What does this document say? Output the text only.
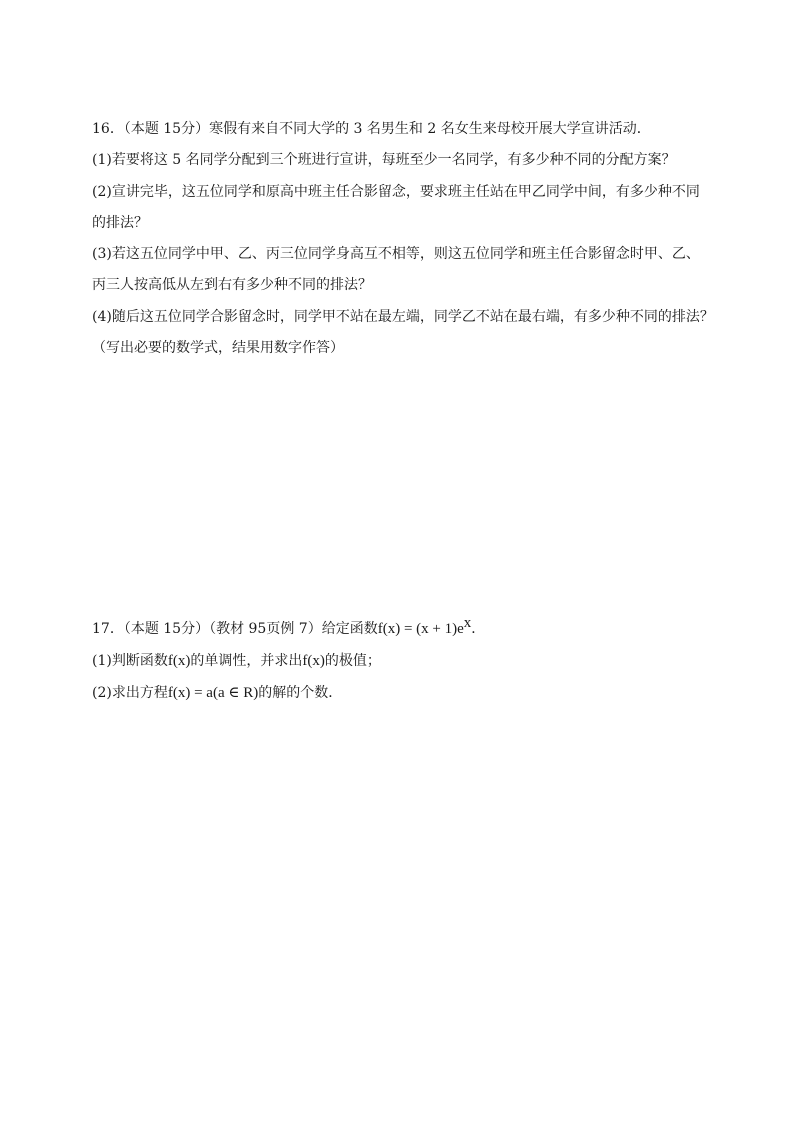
16．（本题 15分）寒假有来自不同大学的 3 名男生和 2 名女生来母校开展大学宣讲活动．
(1)若要将这 5 名同学分配到三个班进行宣讲，每班至少一名同学，有多少种不同的分配方案？
(2)宣讲完毕，这五位同学和原高中班主任合影留念，要求班主任站在甲乙同学中间，有多少种不同
的排法？
(3)若这五位同学中甲、乙、丙三位同学身高互不相等，则这五位同学和班主任合影留念时甲、乙、
丙三人按高低从左到右有多少种不同的排法？
(4)随后这五位同学合影留念时，同学甲不站在最左端，同学乙不站在最右端，有多少种不同的排法？
（写出必要的数学式，结果用数字作答）
17．（本题 15分）（教材 95页例 7）给定函数$f(x) = (x + 1)e^x$．
(1)判断函数f(x)的单调性，并求出f(x)的极值；
(2)求出方程f(x) = a(a ∈ R)的解的个数．
